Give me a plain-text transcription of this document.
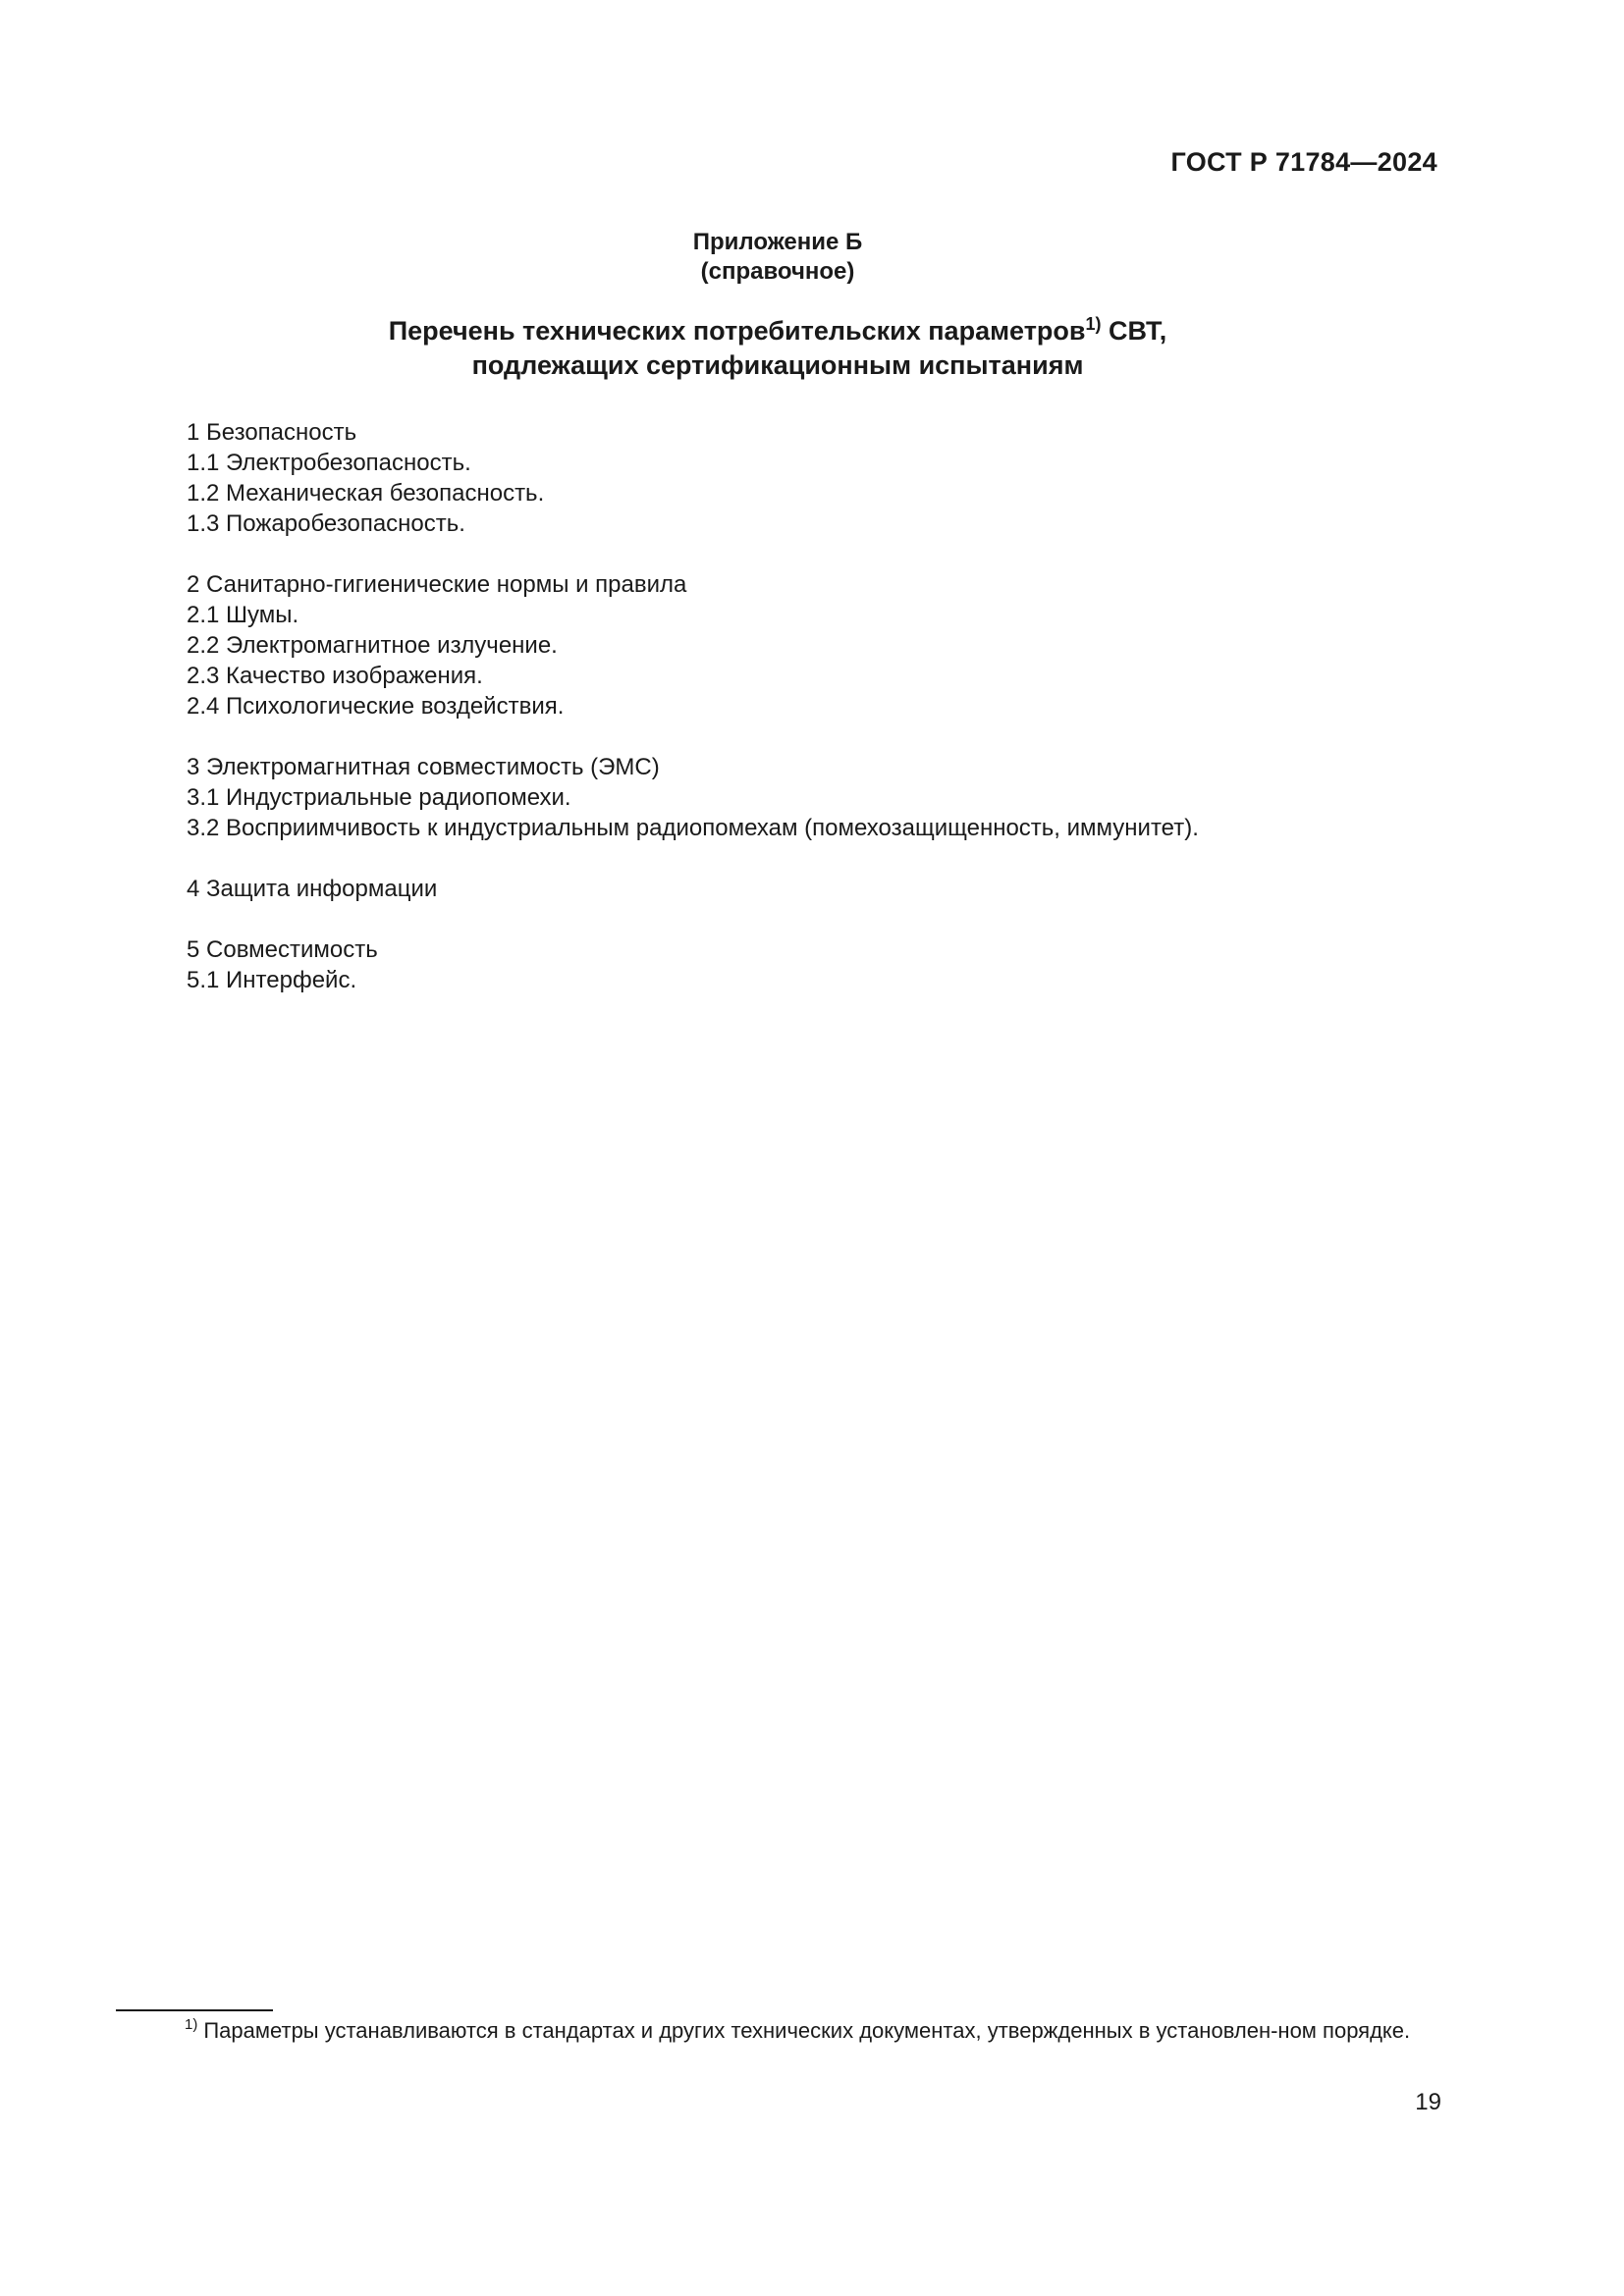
ГОСТ Р 71784—2024
Приложение Б
(справочное)
Перечень технических потребительских параметров$^{1)}$ СВТ,
подлежащих сертификационным испытаниям
1 Безопасность
1.1 Электробезопасность.
1.2 Механическая безопасность.
1.3 Пожаробезопасность.
2 Санитарно-гигиенические нормы и правила
2.1 Шумы.
2.2 Электромагнитное излучение.
2.3 Качество изображения.
2.4 Психологические воздействия.
3 Электромагнитная совместимость (ЭМС)
3.1 Индустриальные радиопомехи.
3.2 Восприимчивость к индустриальным радиопомехам (помехозащищенность, иммунитет).
4 Защита информации
5 Совместимость
5.1 Интерфейс.
$^{1)}$ Параметры устанавливаются в стандартах и других технических документах, утвержденных в установлен-ном порядке.
19
